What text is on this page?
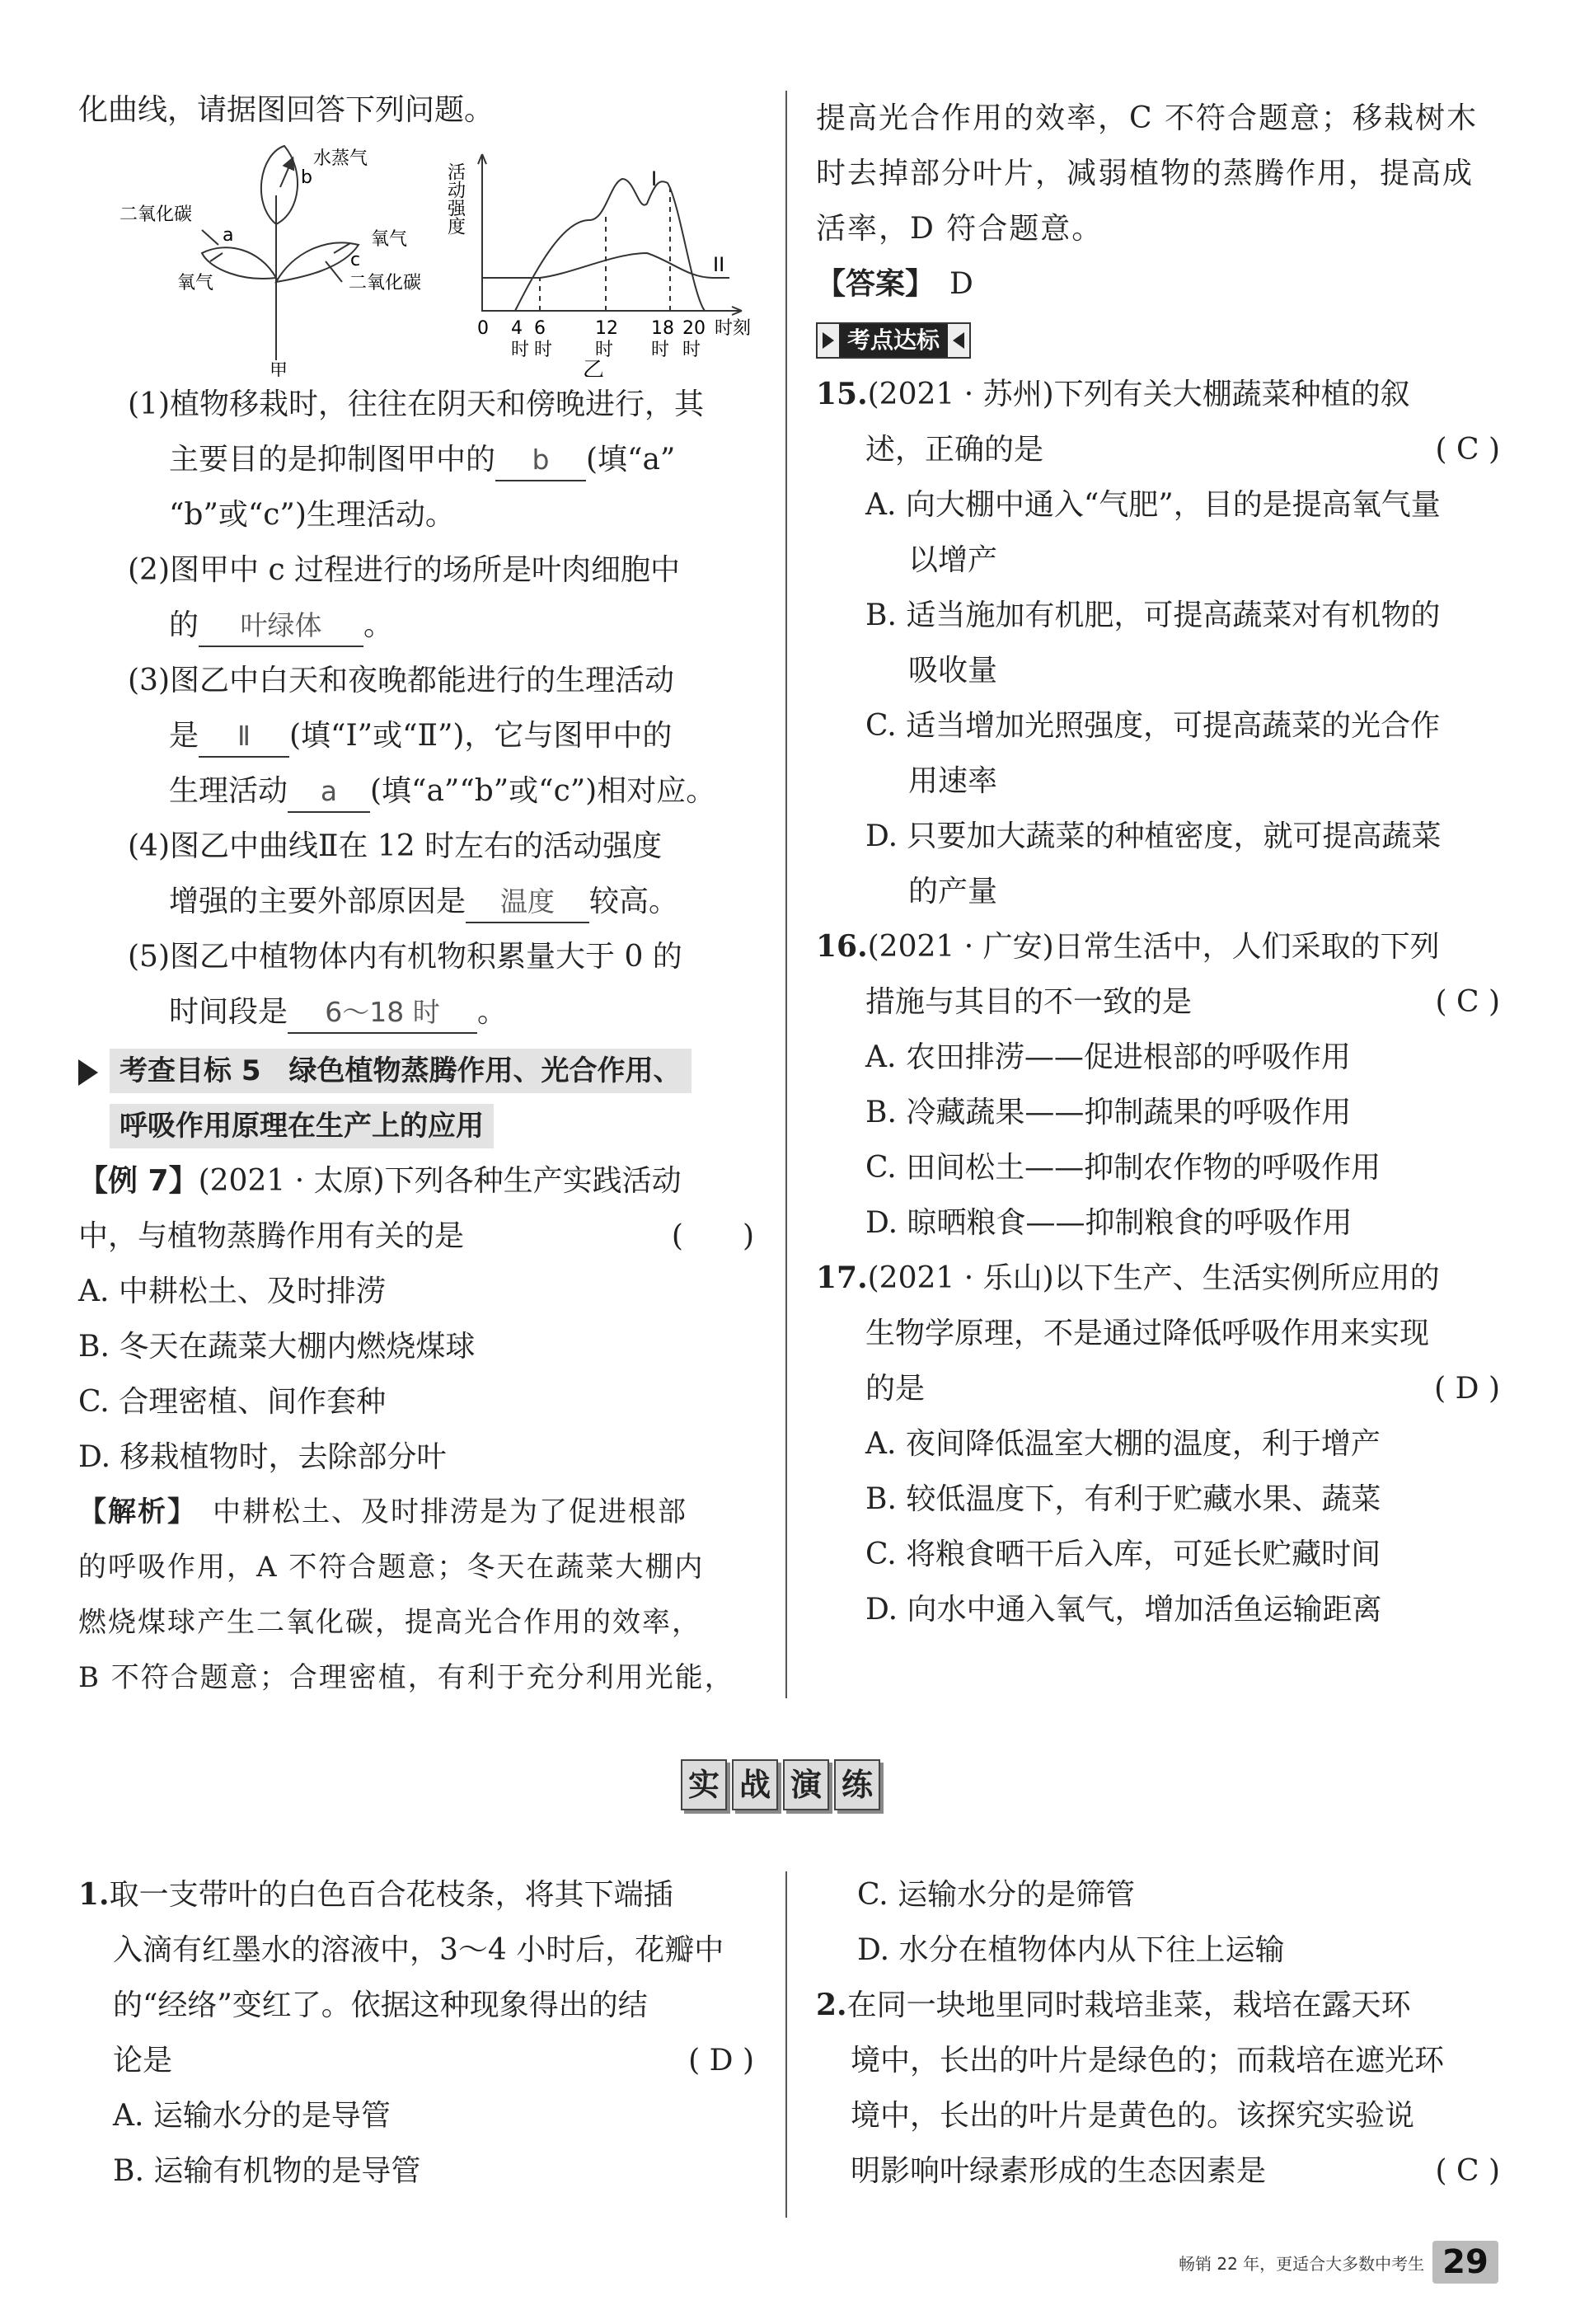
化曲线，请据图回答下列问题。
水蒸气
b
二氧化碳
a
氧气
氧气
c
二氧化碳
甲
活动强度	I
II
0 4 6	12 18 20 时刻
时 时 时 时 时
乙
(1)植物移栽时，往往在阴天和傍晚进行，其
主要目的是抑制图甲中的 b (填“a”
“b”或“c”)生理活动。
(2)图甲中 c 过程进行的场所是叶肉细胞中
的 叶绿体 。
(3)图乙中白天和夜晚都能进行的生理活动
是 Ⅱ (填“I”或“Ⅱ”)，它与图甲中的
生理活动 a (填“a”“b”或“c”)相对应。
(4)图乙中曲线Ⅱ在 12 时左右的活动强度
增强的主要外部原因是 温度 较高。
(5)图乙中植物体内有机物积累量大于 0 的
时间段是 6～18 时 。
考查目标 5　绿色植物蒸腾作用、光合作用、
呼吸作用原理在生产上的应用
【例 7】(2021 · 太原)下列各种生产实践活动
中，与植物蒸腾作用有关的是	(　　)
A. 中耕松土、及时排涝
B. 冬天在蔬菜大棚内燃烧煤球
C. 合理密植、间作套种
D. 移栽植物时，去除部分叶
【解析】　 中耕松土、及时排涝是为了促进根部
的呼吸作用，A 不符合题意；冬天在蔬菜大棚内
燃烧煤球产生二氧化碳，提高光合作用的效率，
B 不符合题意；合理密植，有利于充分利用光能，
提高光合作用的效率，C 不符合题意；移栽树木
时去掉部分叶片，减弱植物的蒸腾作用，提高成
活率，D 符合题意。
【答案】　 D
考点达标
15.(2021 · 苏州)下列有关大棚蔬菜种植的叙
述，正确的是	( C )
A. 向大棚中通入“气肥”，目的是提高氧气量
以增产
B. 适当施加有机肥，可提高蔬菜对有机物的
吸收量
C. 适当增加光照强度，可提高蔬菜的光合作
用速率
D. 只要加大蔬菜的种植密度，就可提高蔬菜
的产量
16.(2021 · 广安)日常生活中，人们采取的下列
措施与其目的不一致的是	( C )
A. 农田排涝——促进根部的呼吸作用
B. 冷藏蔬果——抑制蔬果的呼吸作用
C. 田间松土——抑制农作物的呼吸作用
D. 晾晒粮食——抑制粮食的呼吸作用
17.(2021 · 乐山)以下生产、生活实例所应用的
生物学原理，不是通过降低呼吸作用来实现
的是	( D )
A. 夜间降低温室大棚的温度，利于增产
B. 较低温度下，有利于贮藏水果、蔬菜
C. 将粮食晒干后入库，可延长贮藏时间
D. 向水中通入氧气，增加活鱼运输距离
实 战 演 练
1.取一支带叶的白色百合花枝条，将其下端插
入滴有红墨水的溶液中，3～4 小时后，花瓣中
的“经络”变红了。依据这种现象得出的结
论是	( D )
A. 运输水分的是导管
B. 运输有机物的是导管
C. 运输水分的是筛管
D. 水分在植物体内从下往上运输
2.在同一块地里同时栽培韭菜，栽培在露天环
境中，长出的叶片是绿色的；而栽培在遮光环
境中，长出的叶片是黄色的。该探究实验说
明影响叶绿素形成的生态因素是	( C )
畅销 22 年，更适合大多数中考生 29
